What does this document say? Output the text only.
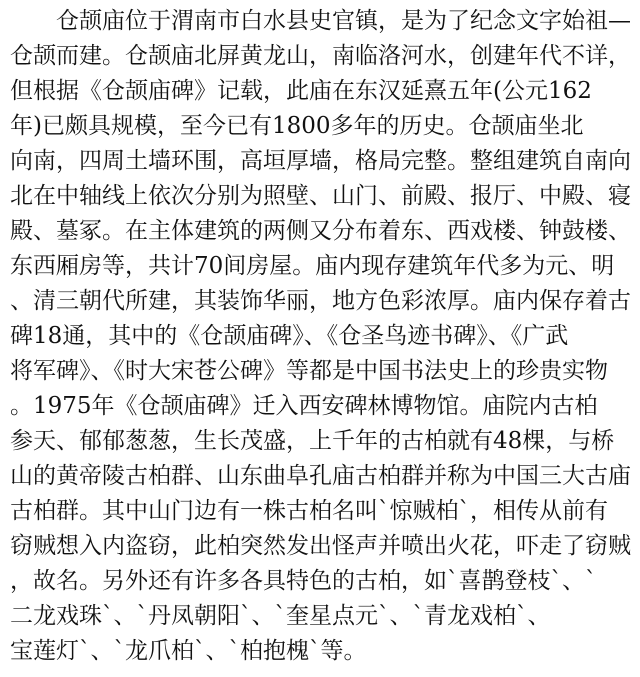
仓颉庙位于渭南市白水县史官镇，是为了纪念文字始祖—
仓颉而建。仓颉庙北屏黄龙山，南临洛河水，创建年代不详，
但根据《仓颉庙碑》记载，此庙在东汉延熹五年(公元162
年)已颇具规模，至今已有1800多年的历史。仓颉庙坐北
向南，四周土墙环围，高垣厚墙，格局完整。整组建筑自南向
北在中轴线上依次分别为照壁、山门、前殿、报厅、中殿、寝
殿、墓冢。在主体建筑的两侧又分布着东、西戏楼、钟鼓楼、
东西厢房等，共计70间房屋。庙内现存建筑年代多为元、明
、清三朝代所建，其装饰华丽，地方色彩浓厚。庙内保存着古
碑18通，其中的《仓颉庙碑》、《仓圣鸟迹书碑》、《广武
将军碑》、《时大宋苍公碑》等都是中国书法史上的珍贵实物
。1975年《仓颉庙碑》迁入西安碑林博物馆。庙院内古柏
参天、郁郁葱葱，生长茂盛，上千年的古柏就有48棵，与桥
山的黄帝陵古柏群、山东曲阜孔庙古柏群并称为中国三大古庙
古柏群。其中山门边有一株古柏名叫`惊贼柏`，相传从前有
窃贼想入内盗窃，此柏突然发出怪声并喷出火花，吓走了窃贼
，故名。另外还有许多各具特色的古柏，如`喜鹊登枝`、`
二龙戏珠`、`丹凤朝阳`、`奎星点元`、`青龙戏柏`、
宝莲灯`、`龙爪柏`、`柏抱槐`等。
